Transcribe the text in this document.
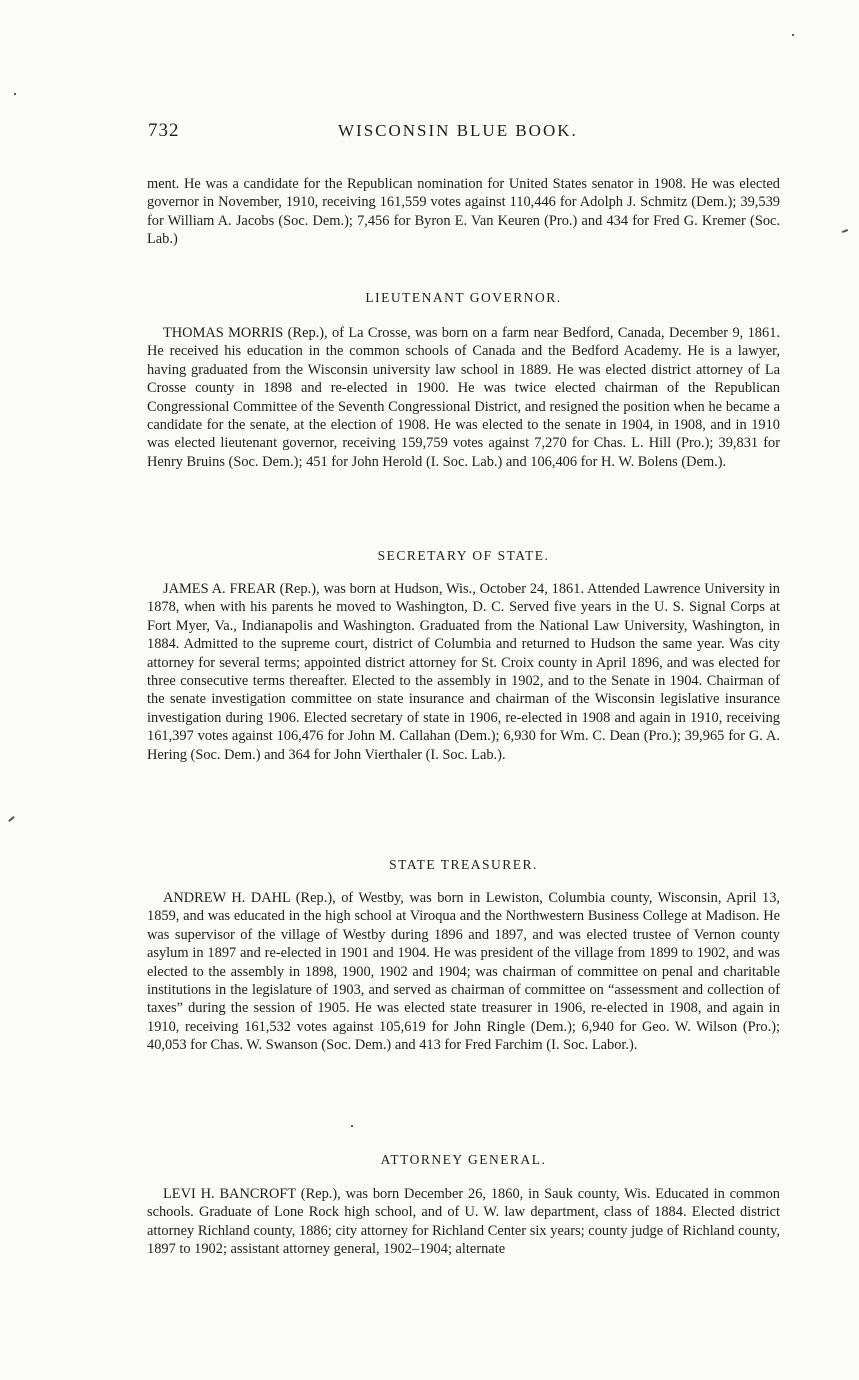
732	WISCONSIN BLUE BOOK.

ment. He was a candidate for the Republican nomination for United States senator in 1908. He was elected governor in November, 1910, receiving 161,559 votes against 110,446 for Adolph J. Schmitz (Dem.); 39,539 for William A. Jacobs (Soc. Dem.); 7,456 for Byron E. Van Keuren (Pro.) and 434 for Fred G. Kremer (Soc. Lab.)

LIEUTENANT GOVERNOR.

THOMAS MORRIS (Rep.), of La Crosse, was born on a farm near Bedford, Canada, December 9, 1861. He received his education in the common schools of Canada and the Bedford Academy. He is a lawyer, having graduated from the Wisconsin university law school in 1889. He was elected district attorney of La Crosse county in 1898 and re-elected in 1900. He was twice elected chairman of the Republican Congressional Committee of the Seventh Congressional District, and resigned the position when he became a candidate for the senate, at the election of 1908. He was elected to the senate in 1904, in 1908, and in 1910 was elected lieutenant governor, receiving 159,759 votes against 7,270 for Chas. L. Hill (Pro.); 39,831 for Henry Bruins (Soc. Dem.); 451 for John Herold (I. Soc. Lab.) and 106,406 for H. W. Bolens (Dem.).

SECRETARY OF STATE.

JAMES A. FREAR (Rep.), was born at Hudson, Wis., October 24, 1861. Attended Lawrence University in 1878, when with his parents he moved to Washington, D. C. Served five years in the U. S. Signal Corps at Fort Myer, Va., Indianapolis and Washington. Graduated from the National Law University, Washington, in 1884. Admitted to the supreme court, district of Columbia and returned to Hudson the same year. Was city attorney for several terms; appointed district attorney for St. Croix county in April 1896, and was elected for three consecutive terms thereafter. Elected to the assembly in 1902, and to the Senate in 1904. Chairman of the senate investigation committee on state insurance and chairman of the Wisconsin legislative insurance investigation during 1906. Elected secretary of state in 1906, re-elected in 1908 and again in 1910, receiving 161,397 votes against 106,476 for John M. Callahan (Dem.); 6,930 for Wm. C. Dean (Pro.); 39,965 for G. A. Hering (Soc. Dem.) and 364 for John Vierthaler (I. Soc. Lab.).

STATE TREASURER.

ANDREW H. DAHL (Rep.), of Westby, was born in Lewiston, Columbia county, Wisconsin, April 13, 1859, and was educated in the high school at Viroqua and the Northwestern Business College at Madison. He was supervisor of the village of Westby during 1896 and 1897, and was elected trustee of Vernon county asylum in 1897 and re-elected in 1901 and 1904. He was president of the village from 1899 to 1902, and was elected to the assembly in 1898, 1900, 1902 and 1904; was chairman of committee on penal and charitable institutions in the legislature of 1903, and served as chairman of committee on “assessment and collection of taxes” during the session of 1905. He was elected state treasurer in 1906, re-elected in 1908, and again in 1910, receiving 161,532 votes against 105,619 for John Ringle (Dem.); 6,940 for Geo. W. Wilson (Pro.); 40,053 for Chas. W. Swanson (Soc. Dem.) and 413 for Fred Farchim (I. Soc. Labor.).

ATTORNEY GENERAL.

LEVI H. BANCROFT (Rep.), was born December 26, 1860, in Sauk county, Wis. Educated in common schools. Graduate of Lone Rock high school, and of U. W. law department, class of 1884. Elected district attorney Richland county, 1886; city attorney for Richland Center six years; county judge of Richland county, 1897 to 1902; assistant attorney general, 1902–1904; alternate
